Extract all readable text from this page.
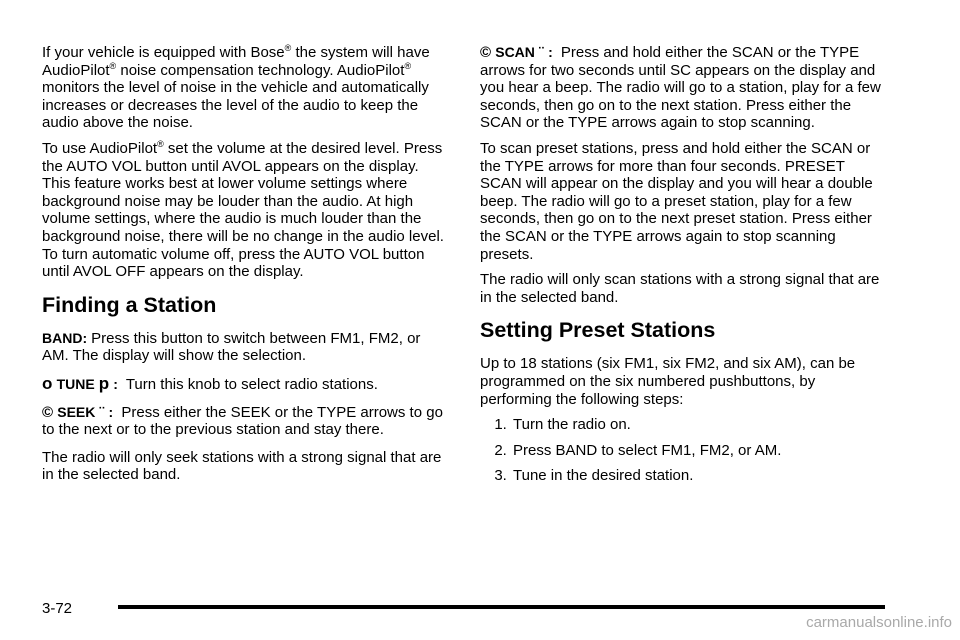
If your vehicle is equipped with Bose® the system will have AudioPilot® noise compensation technology. AudioPilot® monitors the level of noise in the vehicle and automatically increases or decreases the level of the audio to keep the audio above the noise.

To use AudioPilot® set the volume at the desired level. Press the AUTO VOL button until AVOL appears on the display. This feature works best at lower volume settings where background noise may be louder than the audio. At high volume settings, where the audio is much louder than the background noise, there will be no change in the audio level. To turn automatic volume off, press the AUTO VOL button until AVOL OFF appears on the display.

Finding a Station

BAND: Press this button to switch between FM1, FM2, or AM. The display will show the selection.

o TUNE p : Turn this knob to select radio stations.

© SEEK ¨ : Press either the SEEK or the TYPE arrows to go to the next or to the previous station and stay there.

The radio will only seek stations with a strong signal that are in the selected band.

© SCAN ¨ : Press and hold either the SCAN or the TYPE arrows for two seconds until SC appears on the display and you hear a beep. The radio will go to a station, play for a few seconds, then go on to the next station. Press either the SCAN or the TYPE arrows again to stop scanning.

To scan preset stations, press and hold either the SCAN or the TYPE arrows for more than four seconds. PRESET SCAN will appear on the display and you will hear a double beep. The radio will go to a preset station, play for a few seconds, then go on to the next preset station. Press either the SCAN or the TYPE arrows again to stop scanning presets.

The radio will only scan stations with a strong signal that are in the selected band.

Setting Preset Stations

Up to 18 stations (six FM1, six FM2, and six AM), can be programmed on the six numbered pushbuttons, by performing the following steps:

1. Turn the radio on.
2. Press BAND to select FM1, FM2, or AM.
3. Tune in the desired station.
3-72
carmanualsonline.info
